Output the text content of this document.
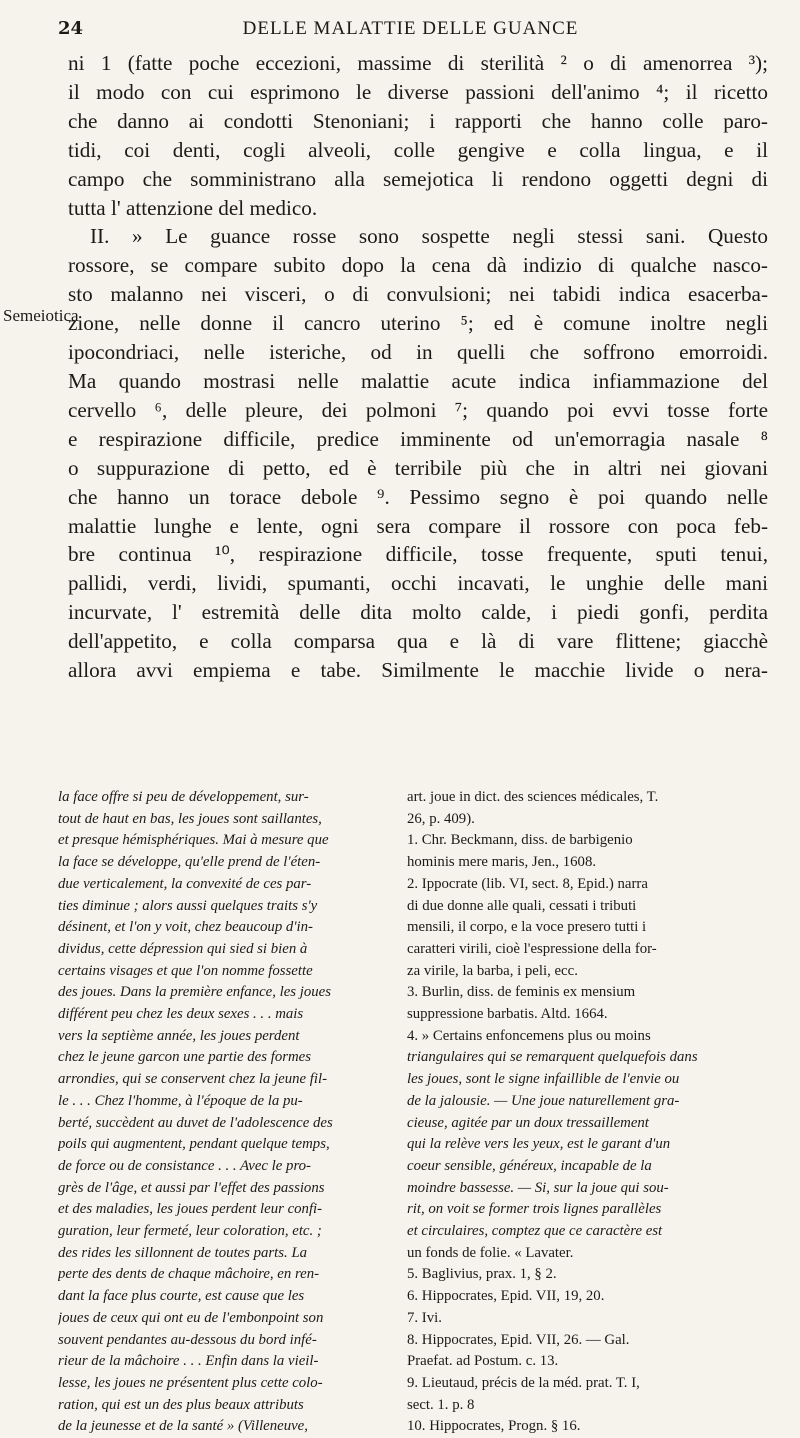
24	DELLE MALATTIE DELLE GUANCE
Semeiotica
ni 1 (fatte poche eccezioni, massime di sterilità ² o di amenorrea ³);
il modo con cui esprimono le diverse passioni dell'animo ⁴; il ricetto
che danno ai condotti Stenoniani; i rapporti che hanno colle paro-
tidi, coi denti, cogli alveoli, colle gengive e colla lingua, e il
campo che somministrano alla semejotica li rendono oggetti degni di
tutta l' attenzione del medico.
II. » Le guance rosse sono sospette negli stessi sani. Questo
rossore, se compare subito dopo la cena dà indizio di qualche nasco-
sto malanno nei visceri, o di convulsioni; nei tabidi indica esacerba-
zione, nelle donne il cancro uterino ⁵; ed è comune inoltre negli
ipocondriaci, nelle isteriche, od in quelli che soffrono emorroidi.
Ma quando mostrasi nelle malattie acute indica infiammazione del
cervello ⁶, delle pleure, dei polmoni ⁷; quando poi evvi tosse forte
e respirazione difficile, predice imminente od un'emorragia nasale ⁸
o suppurazione di petto, ed è terribile più che in altri nei giovani
che hanno un torace debole ⁹. Pessimo segno è poi quando nelle
malattie lunghe e lente, ogni sera compare il rossore con poca feb-
bre continua ¹⁰, respirazione difficile, tosse frequente, sputi tenui,
pallidi, verdi, lividi, spumanti, occhi incavati, le unghie delle mani
incurvate, l' estremità delle dita molto calde, i piedi gonfi, perdita
dell'appetito, e colla comparsa qua e là di vare flittene; giacchè
allora avvi empiema e tabe. Similmente le macchie livide o nera-
la face offre si peu de développement, sur-
tout de haut en bas, les joues sont saillantes,
et presque hémisphériques. Mai à mesure que
la face se développe, qu'elle prend de l'éten-
due verticalement, la convexité de ces par-
ties diminue ; alors aussi quelques traits s'y
désinent, et l'on y voit, chez beaucoup d'in-
dividus, cette dépression qui sied si bien à
certains visages et que l'on nomme fossette
des joues. Dans la première enfance, les joues
différent peu chez les deux sexes . . . mais
vers la septième année, les joues perdent
chez le jeune garcon une partie des formes
arrondies, qui se conservent chez la jeune fil-
le . . . Chez l'homme, à l'époque de la pu-
berté, succèdent au duvet de l'adolescence des
poils qui augmentent, pendant quelque temps,
de force ou de consistance . . . Avec le pro-
grès de l'âge, et aussi par l'effet des passions
et des maladies, les joues perdent leur confi-
guration, leur fermeté, leur coloration, etc. ;
des rides les sillonnent de toutes parts. La
perte des dents de chaque mâchoire, en ren-
dant la face plus courte, est cause que les
joues de ceux qui ont eu de l'embonpoint son
souvent pendantes au-dessous du bord infé-
rieur de la mâchoire . . . Enfin dans la vieil-
lesse, les joues ne présentent plus cette colo-
ration, qui est un des plus beaux attributs
de la jeunesse et de la santé » (Villeneuve,
art. joue in dict. des sciences médicales, T.
26, p. 409).
1. Chr. Beckmann, diss. de barbigenio
hominis mere maris, Jen., 1608.
2. Ippocrate (lib. VI, sect. 8, Epid.) narra
di due donne alle quali, cessati i tributi
mensili, il corpo, e la voce presero tutti i
caratteri virili, cioè l'espressione della for-
za virile, la barba, i peli, ecc.
3. Burlin, diss. de feminis ex mensium
suppressione barbatis. Altd. 1664.
4. » Certains enfoncemens plus ou moins
triangulaires qui se remarquent quelquefois dans
les joues, sont le signe infaillible de l'envie ou
de la jalousie. — Une joue naturellement gra-
cieuse, agitée par un doux tressaillement
qui la relève vers les yeux, est le garant d'un
coeur sensible, généreux, incapable de la
moindre bassesse. — Si, sur la joue qui sou-
rit, on voit se former trois lignes parallèles
et circulaires, comptez que ce caractère est
un fonds de folie. « Lavater.
5. Baglivius, prax. 1, § 2.
6. Hippocrates, Epid. VII, 19, 20.
7. Ivi.
8. Hippocrates, Epid. VII, 26. — Gal.
Praefat. ad Postum. c. 13.
9. Lieutaud, précis de la méd. prat. T. I,
sect. 1. p. 8
10. Hippocrates, Progn. § 16.
